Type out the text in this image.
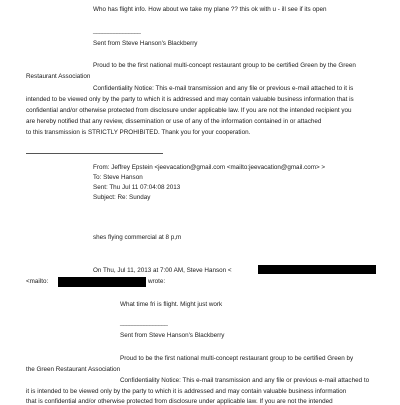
Who has flight info. How about we take my plane ?? this ok with u - ill see if its open
________________
Sent from Steve Hanson's Blackberry
Proud to be the first national multi-concept restaurant group to be certified Green by the Green
Restaurant Association
Confidentiality Notice: This e-mail transmission and any file or previous e-mail attached to it is
intended to be viewed only by the party to which it is addressed and may contain valuable business information that is
confidential and/or otherwise protected from disclosure under applicable law. If you are not the intended recipient you
are hereby notified that any review, dissemination or use of any of the information contained in or attached
to this transmission is STRICTLY PROHIBITED. Thank you for your cooperation.
From: Jeffrey Epstein <jeevacation@gmail.com <mailto:jeevacation@gmail.com> >
To: Steve Hanson
Sent: Thu Jul 11 07:04:08 2013
Subject: Re: Sunday
shes flying commercial at 8 p,m
On Thu, Jul 11, 2013 at 7:00 AM, Steve Hanson <
<mailto:	wrote:
What time fri is flight. Might just work
________________
Sent from Steve Hanson's Blackberry
Proud to be the first national multi-concept restaurant group to be certified Green by
the Green Restaurant Association
Confidentiality Notice: This e-mail transmission and any file or previous e-mail attached to
it is intended to be viewed only by the party to which it is addressed and may contain valuable business information
that is confidential and/or otherwise protected from disclosure under applicable law. If you are not the intended
